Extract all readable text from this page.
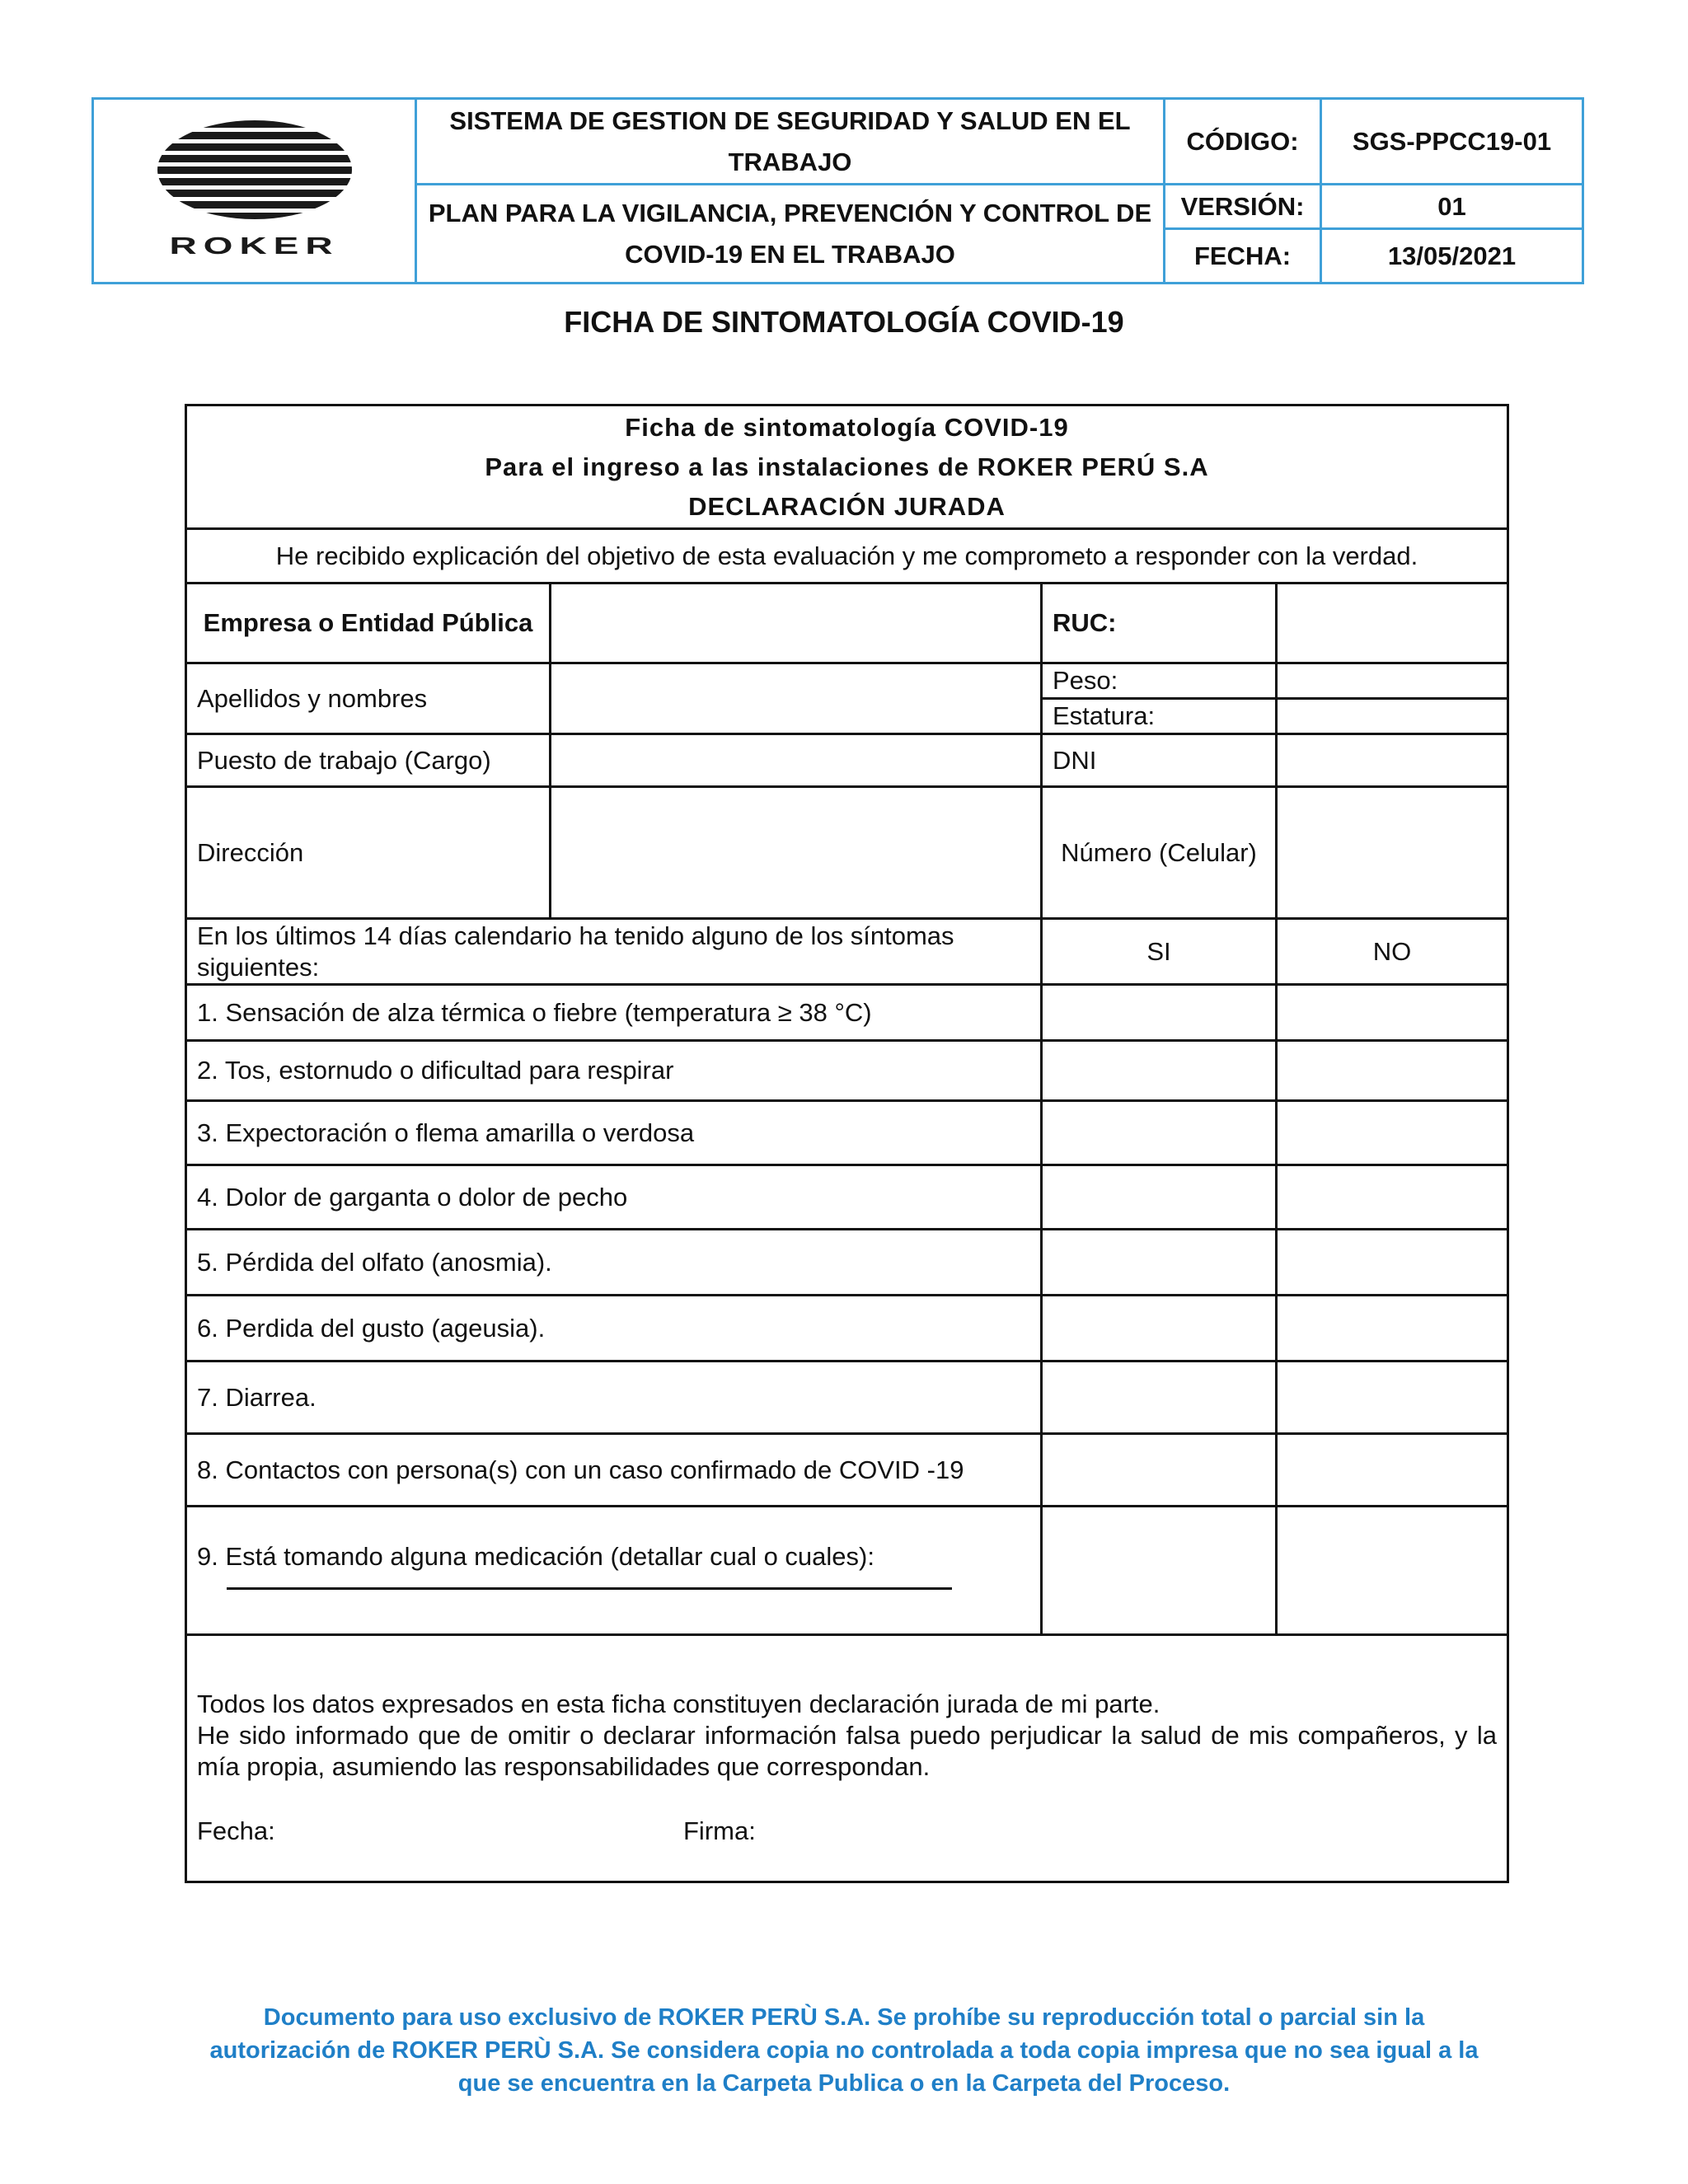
ROKER	SISTEMA DE GESTION DE SEGURIDAD Y SALUD EN EL TRABAJO	CÓDIGO:	SGS-PPCC19-01
	PLAN PARA LA VIGILANCIA, PREVENCIÓN Y CONTROL DE COVID-19 EN EL TRABAJO	VERSIÓN:	01
		FECHA:	13/05/2021
FICHA DE SINTOMATOLOGÍA COVID-19
Ficha de sintomatología COVID-19
Para el ingreso a las instalaciones de ROKER PERÚ S.A
DECLARACIÓN JURADA			

He recibido explicación del objetivo de esta evaluación y me comprometo a responder con la verdad.			
Empresa o Entidad Pública		RUC:	
Apellidos y nombres		Peso:	
		Estatura:	
Puesto de trabajo (Cargo)		DNI	
Dirección		Número (Celular)	
En los últimos 14 días calendario ha tenido alguno de los síntomas siguientes:		SI	NO
1. Sensación de alza térmica o fiebre (temperatura ≥ 38 °C)			
2. Tos, estornudo o dificultad para respirar			
3. Expectoración o flema amarilla o verdosa			
4. Dolor de garganta o dolor de pecho			
5. Pérdida del olfato (anosmia).			
6. Perdida del gusto (ageusia).			
7. Diarrea.			
8. Contactos con persona(s) con un caso confirmado de COVID -19			

9. Está tomando alguna medicación (detallar cual o cuales):			

Todos los datos expresados en esta ficha constituyen declaración jurada de mi parte.

He sido informado que de omitir o declarar información falsa puedo perjudicar la salud de mis compañeros, y la mía propia, asumiendo las responsabilidades que correspondan.

Fecha: Firma:			
Documento para uso exclusivo de ROKER PERÙ S.A. Se prohíbe su reproducción total o parcial sin la autorización de ROKER PERÙ S.A. Se considera copia no controlada a toda copia impresa que no sea igual a la que se encuentra en la Carpeta Publica o en la Carpeta del Proceso.
